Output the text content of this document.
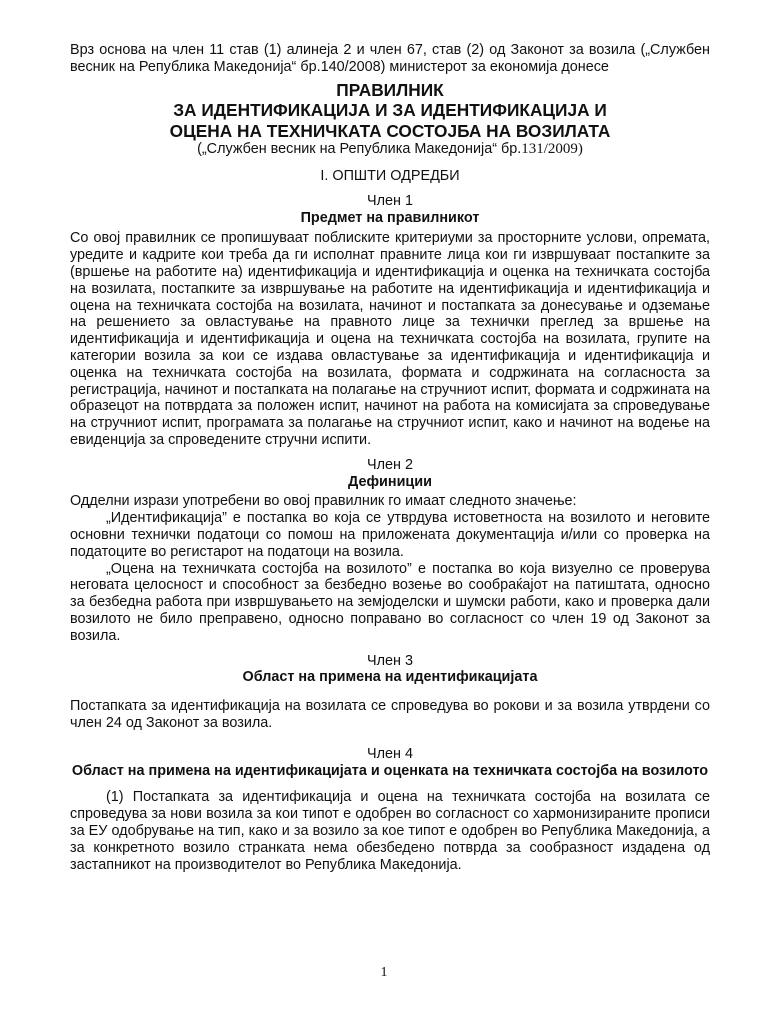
Врз основа на член 11 став (1) алинеја 2 и член 67, став (2) од Законот за возила („Службен весник на Република Македонија“ бр.140/2008) министерот за економија донесе

ПРАВИЛНИК
ЗА ИДЕНТИФИКАЦИЈА И ЗА ИДЕНТИФИКАЦИЈА И
ОЦЕНА НА ТЕХНИЧКАТА СОСТОЈБА НА ВОЗИЛАТА
(„Службен весник на Република Македонија“ бр.131/2009)
I. ОПШТИ ОДРЕДБИ
Член 1
Предмет на правилникот

Со овој правилник се пропишуваат поблиските критериуми за просторните услови, опремата, уредите и кадрите кои треба да ги исполнат правните лица кои ги извршуваат постапките за (вршење на работите на) идентификација и идентификација и оценка на техничката состојба на возилата, постапките за извршување на работите на идентификација и идентификација и оцена на техничката состојба на возилата, начинот и постапката за донесување и одземање на решението за овластување на правното лице за технички преглед за вршење на идентификација и идентификација и оцена на техничката состојба на возилата, групите на категории возила за кои се издава овластување за идентификација и идентификација и оценка на техничката состојба на возилата, формата и содржината на согласноста за регистрација, начинот и постапката на полагање на стручниот испит, формата и содржината на образецот на потврдата за положен испит, начинот на работа на комисијата за спроведување на стручниот испит, програмата за полагање на стручниот испит, како и начинот на водење на евиденција за спроведените стручни испити.

Член 2
Дефиниции

Одделни изрази употребени во овој правилник го имаат следното значење:

„Идентификација” е постапка во која се утврдува истоветноста на возилото и неговите основни технички податоци со помош на приложената документација и/или со проверка на податоците во регистарот на податоци на возила.

„Оцена на техничката состојба на возилото” е постапка во која визуелно се проверува неговата целосност и способност за безбедно возење во сообраќајот на патиштата, односно за безбедна работа при извршувањето на земјоделски и шумски работи, како и проверка дали возилото не било преправено, односно поправано во согласност со член 19 од Законот за возила.

Член 3
Област на примена на идентификацијата

Постапката за идентификација на возилата се спроведува во рокови и за возила утврдени со член 24 од Законот за возила.

Член 4
Област на примена на идентификацијата и оценката на техничката состојба на возилото

(1) Постапката за идентификација и оцена на техничката состојба на возилата се спроведува за нови возила за кои типот е одобрен во согласност со хармонизираните прописи за ЕУ одобрување на тип, како и за возило за кое типот е одобрен во Република Македонија, а за конкретното возило странката нема обезбедено потврда за сообразност издадена од застапникот на производителот во Република Македонија.

1
